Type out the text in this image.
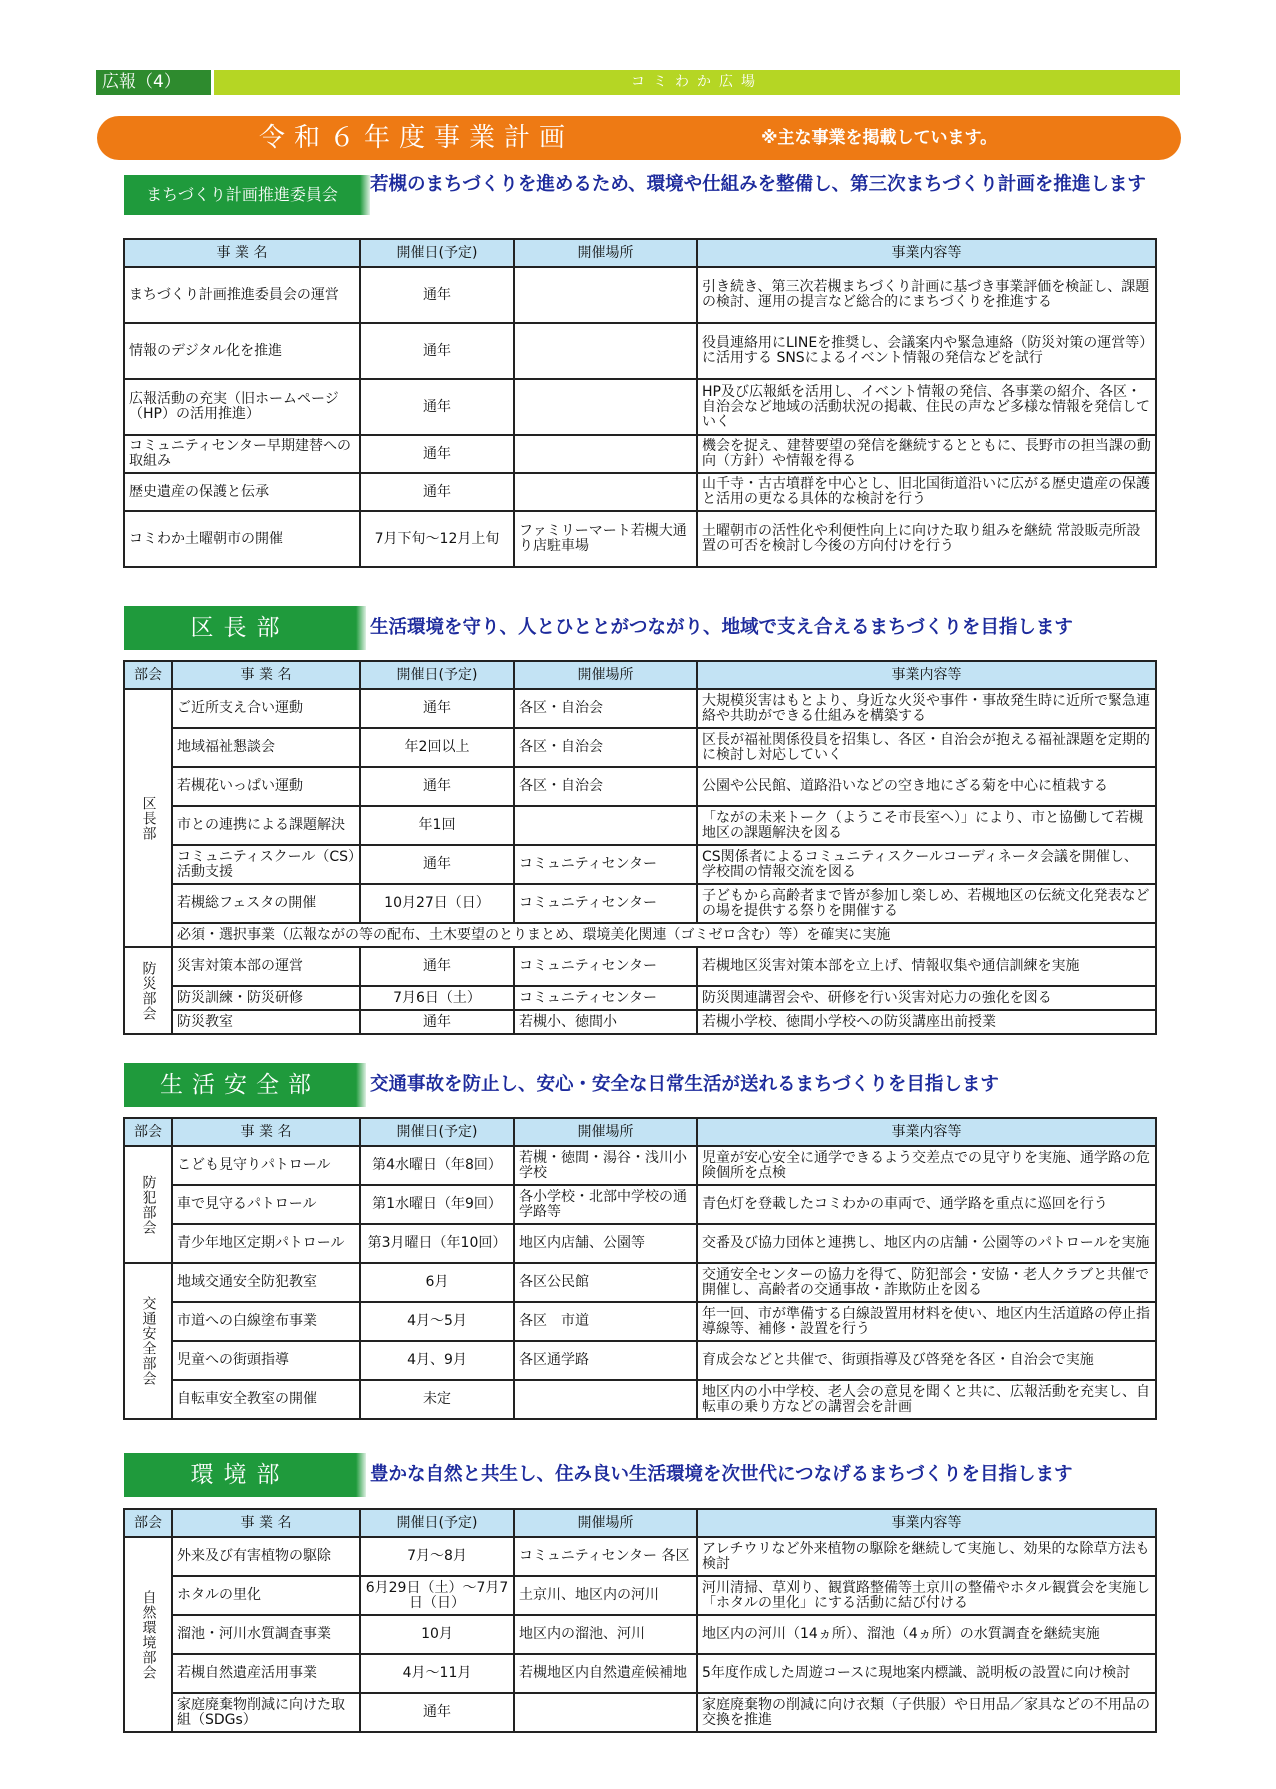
広報（4）	コミわか広場
令和６年度事業計画	※主な事業を掲載しています。
まちづくり計画推進委員会	若槻のまちづくりを進めるため、環境や仕組みを整備し、第三次まちづくり計画を推進します
事 業 名	開催日(予定)	開催場所	事業内容等
まちづくり計画推進委員会の運営	通年		引き続き、第三次若槻まちづくり計画に基づき事業評価を検証し、課題の検討、運用の提言など総合的にまちづくりを推進する
情報のデジタル化を推進	通年		役員連絡用にLINEを推奨し、会議案内や緊急連絡（防災対策の運営等）に活用する SNSによるイベント情報の発信などを試行
広報活動の充実（旧ホームページ（HP）の活用推進）	通年		HP及び広報紙を活用し、イベント情報の発信、各事業の紹介、各区・自治会など地域の活動状況の掲載、住民の声など多様な情報を発信していく
コミュニティセンター早期建替への取組み	通年		機会を捉え、建替要望の発信を継続するとともに、長野市の担当課の動向（方針）や情報を得る
歴史遺産の保護と伝承	通年		山千寺・古古墳群を中心とし、旧北国街道沿いに広がる歴史遺産の保護と活用の更なる具体的な検討を行う
コミわか土曜朝市の開催	7月下旬～12月上旬	ファミリーマート若槻大通り店駐車場	土曜朝市の活性化や利便性向上に向けた取り組みを継続 常設販売所設置の可否を検討し今後の方向付けを行う
区長部	生活環境を守り、人とひととがつながり、地域で支え合えるまちづくりを目指します
部会	事 業 名	開催日(予定)	開催場所	事業内容等
区長部	ご近所支え合い運動	通年	各区・自治会	大規模災害はもとより、身近な火災や事件・事故発生時に近所で緊急連絡や共助ができる仕組みを構築する
	地域福祉懇談会	年2回以上	各区・自治会	区長が福祉関係役員を招集し、各区・自治会が抱える福祉課題を定期的に検討し対応していく
	若槻花いっぱい運動	通年	各区・自治会	公園や公民館、道路沿いなどの空き地にざる菊を中心に植栽する
	市との連携による課題解決	年1回		「ながの未来トーク（ようこそ市長室へ）」により、市と協働して若槻地区の課題解決を図る
	コミュニティスクール（CS）活動支援	通年	コミュニティセンター	CS関係者によるコミュニティスクールコーディネータ会議を開催し、学校間の情報交流を図る
	若槻総フェスタの開催	10月27日（日）	コミュニティセンター	子どもから高齢者まで皆が参加し楽しめ、若槻地区の伝統文化発表などの場を提供する祭りを開催する
	必須・選択事業（広報ながの等の配布、土木要望のとりまとめ、環境美化関連（ゴミゼロ含む）等）を確実に実施			
防災部会	災害対策本部の運営	通年	コミュニティセンター	若槻地区災害対策本部を立上げ、情報収集や通信訓練を実施
	防災訓練・防災研修	7月6日（土）	コミュニティセンター	防災関連講習会や、研修を行い災害対応力の強化を図る
	防災教室	通年	若槻小、徳間小	若槻小学校、徳間小学校への防災講座出前授業
生活安全部	交通事故を防止し、安心・安全な日常生活が送れるまちづくりを目指します
部会	事 業 名	開催日(予定)	開催場所	事業内容等
防犯部会	こども見守りパトロール	第4水曜日（年8回）	若槻・徳間・湯谷・浅川小学校	児童が安心安全に通学できるよう交差点での見守りを実施、通学路の危険個所を点検
	車で見守るパトロール	第1水曜日（年9回）	各小学校・北部中学校の通学路等	青色灯を登載したコミわかの車両で、通学路を重点に巡回を行う
	青少年地区定期パトロール	第3月曜日（年10回）	地区内店舗、公園等	交番及び協力団体と連携し、地区内の店舗・公園等のパトロールを実施
交通安全部会	地域交通安全防犯教室	6月	各区公民館	交通安全センターの協力を得て、防犯部会・安協・老人クラブと共催で開催し、高齢者の交通事故・詐欺防止を図る
	市道への白線塗布事業	4月～5月	各区　市道	年一回、市が準備する白線設置用材料を使い、地区内生活道路の停止指導線等、補修・設置を行う
	児童への街頭指導	4月、9月	各区通学路	育成会などと共催で、街頭指導及び啓発を各区・自治会で実施
	自転車安全教室の開催	未定		地区内の小中学校、老人会の意見を聞くと共に、広報活動を充実し、自転車の乗り方などの講習会を計画
環境部	豊かな自然と共生し、住み良い生活環境を次世代につなげるまちづくりを目指します
部会	事 業 名	開催日(予定)	開催場所	事業内容等
自然環境部会	外来及び有害植物の駆除	7月～8月	コミュニティセンター 各区	アレチウリなど外来植物の駆除を継続して実施し、効果的な除草方法も検討
	ホタルの里化	6月29日（土）～7月7日（日）	土京川、地区内の河川	河川清掃、草刈り、観賞路整備等土京川の整備やホタル観賞会を実施し「ホタルの里化」にする活動に結び付ける
	溜池・河川水質調査事業	10月	地区内の溜池、河川	地区内の河川（14ヵ所）、溜池（4ヵ所）の水質調査を継続実施
	若槻自然遺産活用事業	4月～11月	若槻地区内自然遺産候補地	5年度作成した周遊コースに現地案内標識、説明板の設置に向け検討
	家庭廃棄物削減に向けた取組（SDGs）	通年		家庭廃棄物の削減に向け衣類（子供服）や日用品／家具などの不用品の交換を推進
